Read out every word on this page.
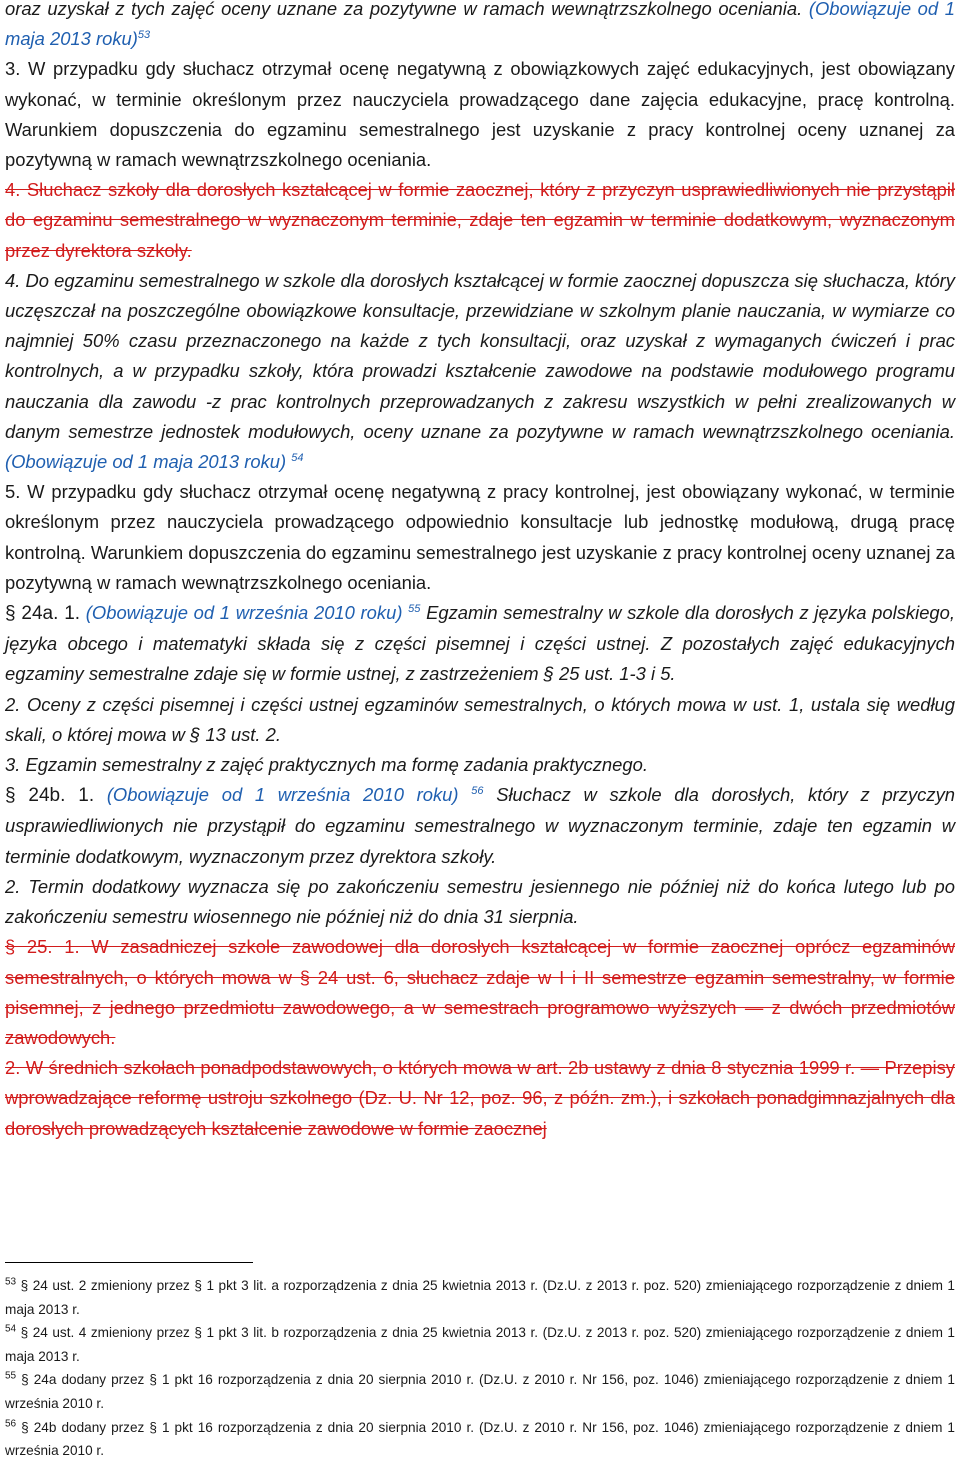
oraz uzyskał z tych zajęć oceny uznane za pozytywne w ramach wewnątrzszkolnego oceniania. (Obowiązuje od 1 maja 2013 roku)$^{53}$

3. W przypadku gdy słuchacz otrzymał ocenę negatywną z obowiązkowych zajęć edukacyjnych, jest obowiązany wykonać, w terminie określonym przez nauczyciela prowadzącego dane zajęcia edukacyjne, pracę kontrolną. Warunkiem dopuszczenia do egzaminu semestralnego jest uzyskanie z pracy kontrolnej oceny uznanej za pozytywną w ramach wewnątrzszkolnego oceniania.

4. Słuchacz szkoły dla dorosłych kształcącej w formie zaocznej, który z przyczyn usprawiedliwionych nie przystąpił do egzaminu semestralnego w wyznaczonym terminie, zdaje ten egzamin w terminie dodatkowym, wyznaczonym przez dyrektora szkoły.

4. Do egzaminu semestralnego w szkole dla dorosłych kształcącej w formie zaocznej dopuszcza się słuchacza, który uczęszczał na poszczególne obowiązkowe konsultacje, przewidziane w szkolnym planie nauczania, w wymiarze co najmniej 50% czasu przeznaczonego na każde z tych konsultacji, oraz uzyskał z wymaganych ćwiczeń i prac kontrolnych, a w przypadku szkoły, która prowadzi kształcenie zawodowe na podstawie modułowego programu nauczania dla zawodu -z prac kontrolnych przeprowadzanych z zakresu wszystkich w pełni zrealizowanych w danym semestrze jednostek modułowych, oceny uznane za pozytywne w ramach wewnątrzszkolnego oceniania. (Obowiązuje od 1 maja 2013 roku) $^{54}$

5. W przypadku gdy słuchacz otrzymał ocenę negatywną z pracy kontrolnej, jest obowiązany wykonać, w terminie określonym przez nauczyciela prowadzącego odpowiednio konsultacje lub jednostkę modułową, drugą pracę kontrolną. Warunkiem dopuszczenia do egzaminu semestralnego jest uzyskanie z pracy kontrolnej oceny uznanej za pozytywną w ramach wewnątrzszkolnego oceniania.

§ 24a. 1. (Obowiązuje od 1 września 2010 roku) $^{55}$ Egzamin semestralny w szkole dla dorosłych z języka polskiego, języka obcego i matematyki składa się z części pisemnej i części ustnej. Z pozostałych zajęć edukacyjnych egzaminy semestralne zdaje się w formie ustnej, z zastrzeżeniem § 25 ust. 1-3 i 5.

2. Oceny z części pisemnej i części ustnej egzaminów semestralnych, o których mowa w ust. 1, ustala się według skali, o której mowa w § 13 ust. 2.

3. Egzamin semestralny z zajęć praktycznych ma formę zadania praktycznego.

§ 24b. 1. (Obowiązuje od 1 września 2010 roku) $^{56}$ Słuchacz w szkole dla dorosłych, który z przyczyn usprawiedliwionych nie przystąpił do egzaminu semestralnego w wyznaczonym terminie, zdaje ten egzamin w terminie dodatkowym, wyznaczonym przez dyrektora szkoły.

2. Termin dodatkowy wyznacza się po zakończeniu semestru jesiennego nie później niż do końca lutego lub po zakończeniu semestru wiosennego nie później niż do dnia 31 sierpnia.

§ 25. 1. W zasadniczej szkole zawodowej dla dorosłych kształcącej w formie zaocznej oprócz egzaminów semestralnych, o których mowa w § 24 ust. 6, słuchacz zdaje w I i II semestrze egzamin semestralny, w formie pisemnej, z jednego przedmiotu zawodowego, a w semestrach programowo wyższych — z dwóch przedmiotów zawodowych.

2. W średnich szkołach ponadpodstawowych, o których mowa w art. 2b ustawy z dnia 8 stycznia 1999 r. — Przepisy wprowadzające reformę ustroju szkolnego (Dz. U. Nr 12, poz. 96, z późn. zm.), i szkołach ponadgimnazjalnych dla dorosłych prowadzących kształcenie zawodowe w formie zaocznej

$^{53}$ § 24 ust. 2 zmieniony przez § 1 pkt 3 lit. a rozporządzenia z dnia 25 kwietnia 2013 r. (Dz.U. z 2013 r. poz. 520) zmieniającego rozporządzenie z dniem 1 maja 2013 r.

$^{54}$ § 24 ust. 4 zmieniony przez § 1 pkt 3 lit. b rozporządzenia z dnia 25 kwietnia 2013 r. (Dz.U. z 2013 r. poz. 520) zmieniającego rozporządzenie z dniem 1 maja 2013 r.

$^{55}$ § 24a dodany przez § 1 pkt 16 rozporządzenia z dnia 20 sierpnia 2010 r. (Dz.U. z 2010 r. Nr 156, poz. 1046) zmieniającego rozporządzenie z dniem 1 września 2010 r.

$^{56}$ § 24b dodany przez § 1 pkt 16 rozporządzenia z dnia 20 sierpnia 2010 r. (Dz.U. z 2010 r. Nr 156, poz. 1046) zmieniającego rozporządzenie z dniem 1 września 2010 r.
